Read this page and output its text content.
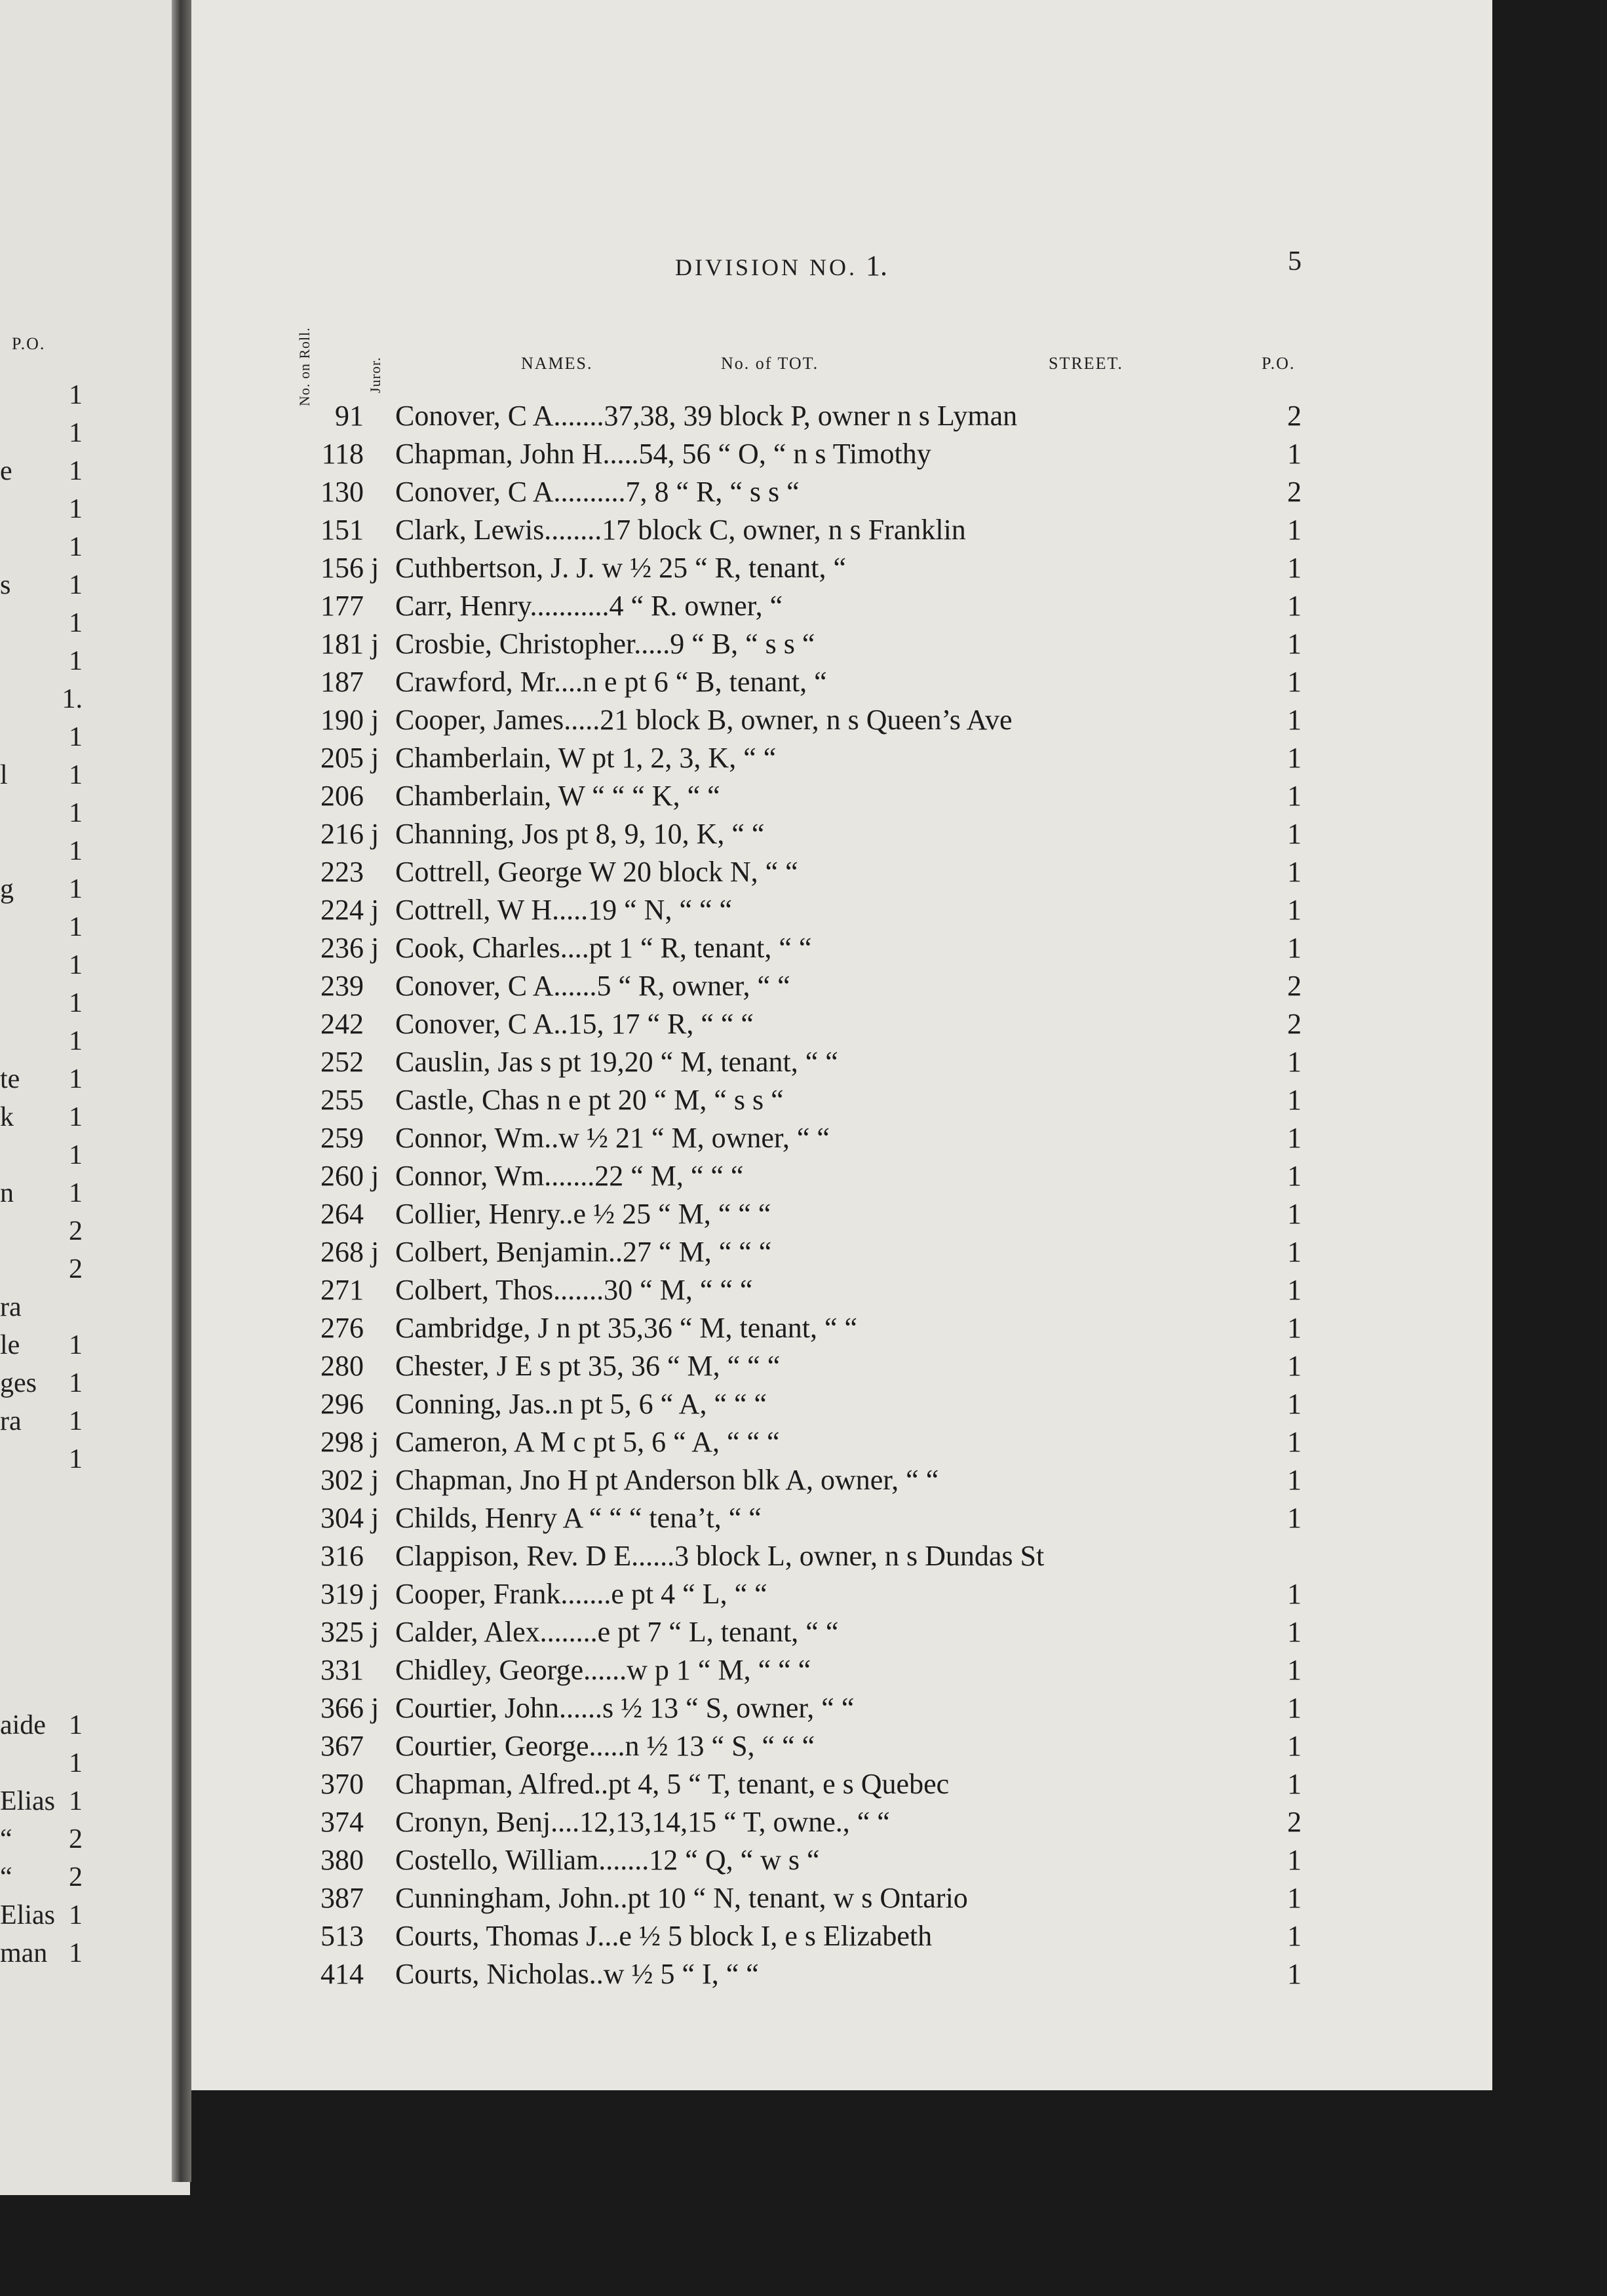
P.O.
1
1
e 1
1
1
s 1
1
1
1.
1
l 1
1
1
g 1
1
1
1
1
te 1
k 1
1
n 1
2
2
ra
le 1
ges 1
ra 1
1
aide 1
1
Elias 1
“ 2
“ 2
Elias 1
man 1
DIVISION NO. 1.	5
No. on Roll.	Juror.	NAMES.	No. of TOT.	STREET.	P.O.
91 Conover, C A.......37,38, 39 block P, owner n s Lyman	2
118 Chapman, John H.....54, 56 “ O, “ n s Timothy	1
130 Conover, C A..........7, 8 “ R, “ s s “	2
151 Clark, Lewis........17 block C, owner, n s Franklin	1
156 j Cuthbertson, J. J. w ½ 25 “ R, tenant, “	1
177 Carr, Henry...........4 “ R. owner, “	1
181 j Crosbie, Christopher.....9 “ B, “ s s “	1
187 Crawford, Mr....n e pt 6 “ B, tenant, “	1
190 j Cooper, James.....21 block B, owner, n s Queen’s Ave	1
205 j Chamberlain, W pt 1, 2, 3, K, “ “	1
206 Chamberlain, W “ “ “ K, “ “	1
216 j Channing, Jos pt 8, 9, 10, K, “ “	1
223 Cottrell, George W 20 block N, “ “	1
224 j Cottrell, W H.....19 “ N, “ “ “	1
236 j Cook, Charles....pt 1 “ R, tenant, “ “	1
239 Conover, C A......5 “ R, owner, “ “	2
242 Conover, C A..15, 17 “ R, “ “ “	2
252 Causlin, Jas s pt 19,20 “ M, tenant, “ “	1
255 Castle, Chas n e pt 20 “ M, “ s s “	1
259 Connor, Wm..w ½ 21 “ M, owner, “ “	1
260 j Connor, Wm.......22 “ M, “ “ “	1
264 Collier, Henry..e ½ 25 “ M, “ “ “	1
268 j Colbert, Benjamin..27 “ M, “ “ “	1
271 Colbert, Thos.......30 “ M, “ “ “	1
276 Cambridge, J n pt 35,36 “ M, tenant, “ “	1
280 Chester, J E s pt 35, 36 “ M, “ “ “	1
296 Conning, Jas..n pt 5, 6 “ A, “ “ “	1
298 j Cameron, A M c pt 5, 6 “ A, “ “ “	1
302 j Chapman, Jno H pt Anderson blk A, owner, “ “	1
304 j Childs, Henry A “ “ “ tena’t, “ “	1
316 Clappison, Rev. D E......3 block L, owner, n s Dundas St
319 j Cooper, Frank.......e pt 4 “ L, “ “	1
325 j Calder, Alex........e pt 7 “ L, tenant, “ “	1
331 Chidley, George......w p 1 “ M, “ “ “	1
366 j Courtier, John......s ½ 13 “ S, owner, “ “	1
367 Courtier, George.....n ½ 13 “ S, “ “ “	1
370 Chapman, Alfred..pt 4, 5 “ T, tenant, e s Quebec	1
374 Cronyn, Benj....12,13,14,15 “ T, owne., “ “	2
380 Costello, William.......12 “ Q, “ w s “	1
387 Cunningham, John..pt 10 “ N, tenant, w s Ontario	1
513 Courts, Thomas J...e ½ 5 block I, e s Elizabeth	1
414 Courts, Nicholas..w ½ 5 “ I, “ “	1
